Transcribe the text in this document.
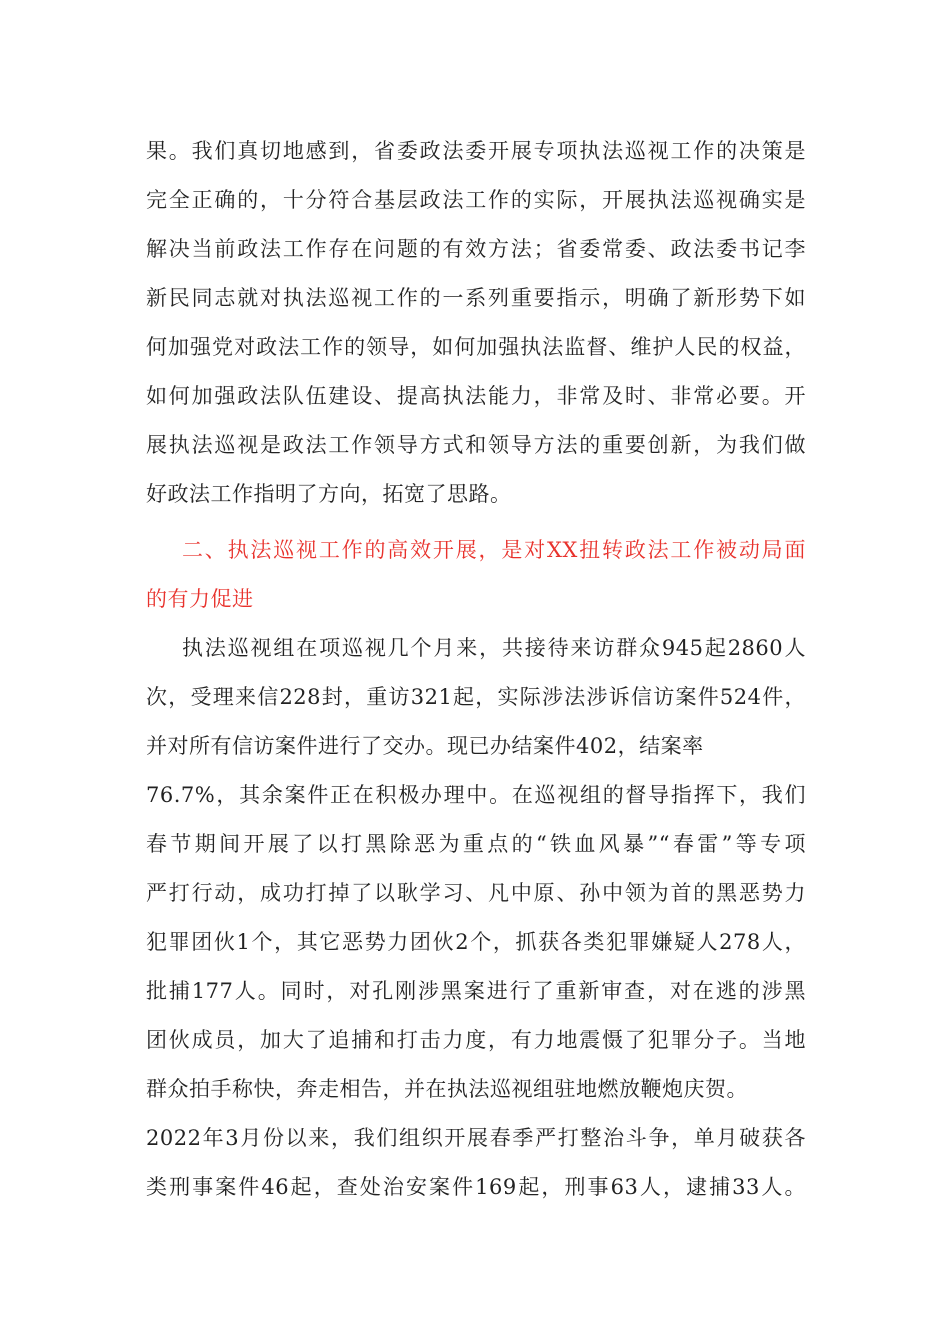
果。我们真切地感到，省委政法委开展专项执法巡视工作的决策是
完全正确的，十分符合基层政法工作的实际，开展执法巡视确实是
解决当前政法工作存在问题的有效方法；省委常委、政法委书记李
新民同志就对执法巡视工作的一系列重要指示，明确了新形势下如
何加强党对政法工作的领导，如何加强执法监督、维护人民的权益，
如何加强政法队伍建设、提高执法能力，非常及时、非常必要。开
展执法巡视是政法工作领导方式和领导方法的重要创新，为我们做
好政法工作指明了方向，拓宽了思路。
二、执法巡视工作的高效开展，是对XX扭转政法工作被动局面
的有力促进
执法巡视组在项巡视几个月来，共接待来访群众945起2860人
次，受理来信228封，重访321起，实际涉法涉诉信访案件524件，
并对所有信访案件进行了交办。现已办结案件402，结案率
76.7%，其余案件正在积极办理中。在巡视组的督导指挥下，我们
春节期间开展了以打黑除恶为重点的“铁血风暴”“春雷”等专项
严打行动，成功打掉了以耿学习、凡中原、孙中领为首的黑恶势力
犯罪团伙1个，其它恶势力团伙2个，抓获各类犯罪嫌疑人278人，
批捕177人。同时，对孔刚涉黑案进行了重新审查，对在逃的涉黑
团伙成员，加大了追捕和打击力度，有力地震慑了犯罪分子。当地
群众拍手称快，奔走相告，并在执法巡视组驻地燃放鞭炮庆贺。
2022年3月份以来，我们组织开展春季严打整治斗争，单月破获各
类刑事案件46起，查处治安案件169起，刑事63人，逮捕33人。
